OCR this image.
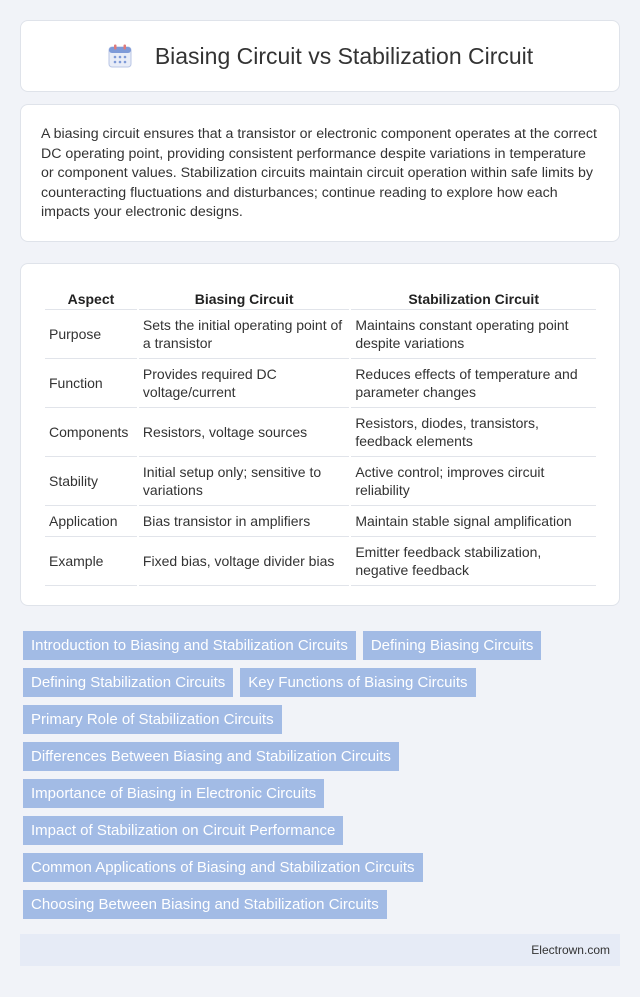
Biasing Circuit vs Stabilization Circuit

A biasing circuit ensures that a transistor or electronic component operates at the correct DC operating point, providing consistent performance despite variations in temperature or component values. Stabilization circuits maintain circuit operation within safe limits by counteracting fluctuations and disturbances; continue reading to explore how each impacts your electronic designs.

Aspect	Biasing Circuit	Stabilization Circuit
Purpose	Sets the initial operating point of a transistor	Maintains constant operating point despite variations
Function	Provides required DC voltage/current	Reduces effects of temperature and parameter changes
Components	Resistors, voltage sources	Resistors, diodes, transistors, feedback elements
Stability	Initial setup only; sensitive to variations	Active control; improves circuit reliability
Application	Bias transistor in amplifiers	Maintain stable signal amplification
Example	Fixed bias, voltage divider bias	Emitter feedback stabilization, negative feedback
Introduction to Biasing and Stabilization Circuits	Defining Biasing Circuits
Defining Stabilization Circuits	Key Functions of Biasing Circuits
Primary Role of Stabilization Circuits
Differences Between Biasing and Stabilization Circuits
Importance of Biasing in Electronic Circuits
Impact of Stabilization on Circuit Performance
Common Applications of Biasing and Stabilization Circuits
Choosing Between Biasing and Stabilization Circuits
Electrown.com
